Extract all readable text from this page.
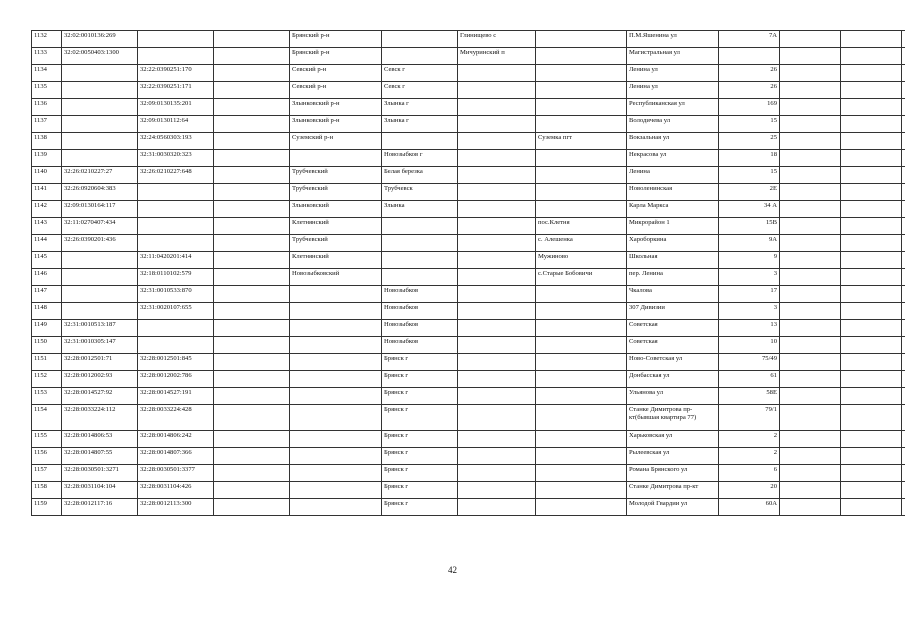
1132	32:02:0010136:269			Брянский р-н		Глинищево с		П.М.Яшенина ул	7А			
1133	32:02:0050403:1300			Брянский р-н		Мичуринский п		Магистральная ул				
1134		32:22:0390251:170		Севский р-н	Севск г			Ленина ул	26			
1135		32:22:0390251:171		Севский р-н	Севск г			Ленина ул	26			
1136		32:09:0130135:201		Злынковский р-н	Злынка г			Республиканская ул	169			
1137		32:09:0130112:64		Злынковский р-н	Злынка г			Володичева ул	15			
1138		32:24:0560303:193		Суземский р-н			Суземка пгт	Вокзальная ул	25			
1139		32:31:0030320:323			Новозыбков г			Некрасова ул	18			
1140	32:26:0210227:27	32:26:0210227:648		Трубчевский	Белая березка			Ленина	15			
1141	32:26:0920604:383			Трубчевский	Трубчевск			Новоленинская	2Е			
1142	32:09:0130164:117			Злынковский	Злынка			Карла Маркса	34 А			
1143	32:11:0270407:434			Клетнянский			пос.Клетня	Микрорайон 1	15В			
1144	32:26:0390201:436			Трубчевский			с. Алешенка	Хароборкина	9А			
1145		32:11:0420201:414		Клетнянский			Мужиново	Школьная	9			
1146		32:18:0110102:579		Новозыбковский			с.Старые Бобовичи	пер. Ленина	3			
1147		32:31:0010533:870			Новозыбков			Чкалова	17			
1148		32:31:0020107:655			Новозыбков			307 Дивизии	3			
1149	32:31:0010513:187				Новозыбков			Советская	13			
1150	32:31:0010305:147				Новозыбков			Советская	10			
1151	32:28:0012501:71	32:28:0012501:845			Брянск г			Ново-Советская ул	75/49			
1152	32:28:0012002:93	32:28:0012002:786			Брянск г			Донбасская ул	61			
1153	32:28:0014527:92	32:28:0014527:191			Брянск г			Ульянова ул	58Е			
1154	32:28:0033224:112	32:28:0033224:428			Брянск г			Станке Димитрова пр-кт(бывшая квартира 77)	79/1			
1155	32:28:0014806:53	32:28:0014806:242			Брянск г			Харьковская ул	2			
1156	32:28:0014807:55	32:28:0014807:366			Брянск г			Рылеевская ул	2			
1157	32:28:0030501:3271	32:28:0030501:3377			Брянск г			Романа Брянского ул	6			
1158	32:28:0031104:104	32:28:0031104:426			Брянск г			Станке Димитрова пр-кт	20			
1159	32:28:0012117:16	32:28:0012113:300			Брянск г			Молодой Гвардии ул	60А			
42
